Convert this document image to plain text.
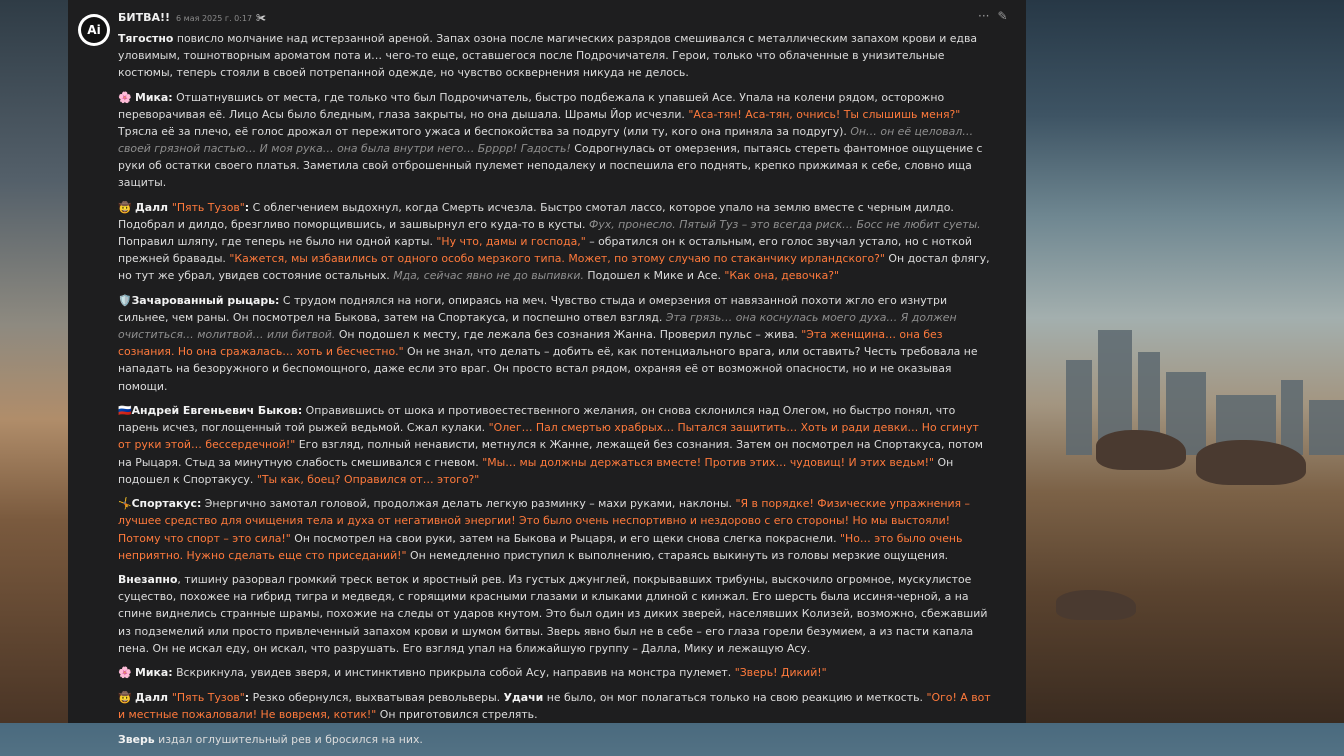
Ai
БИТВА!! 6 мая 2025 г. 0:17 ✀	··· ✎

Тягостно повисло молчание над истерзанной ареной. Запах озона после магических разрядов смешивался с металлическим запахом крови и едва уловимым, тошнотворным ароматом пота и… чего-то еще, оставшегося после Подрочичателя. Герои, только что облаченные в унизительные костюмы, теперь стояли в своей потрепанной одежде, но чувство осквернения никуда не делось.

🌸 Мика: Отшатнувшись от места, где только что был Подрочичатель, быстро подбежала к упавшей Асе. Упала на колени рядом, осторожно переворачивая её. Лицо Асы было бледным, глаза закрыты, но она дышала. Шрамы Йор исчезли. "Аса-тян! Аса-тян, очнись! Ты слышишь меня?" Трясла её за плечо, её голос дрожал от пережитого ужаса и беспокойства за подругу (или ту, кого она приняла за подругу). Он… он её целовал… своей грязной пастью… И моя рука… она была внутри него… Брррр! Гадость! Содрогнулась от омерзения, пытаясь стереть фантомное ощущение с руки об остатки своего платья. Заметила свой отброшенный пулемет неподалеку и поспешила его поднять, крепко прижимая к себе, словно ища защиты.

🤠 Далл "Пять Тузов": С облегчением выдохнул, когда Смерть исчезла. Быстро смотал лассо, которое упало на землю вместе с черным дилдо. Подобрал и дилдо, брезгливо поморщившись, и зашвырнул его куда-то в кусты. Фух, пронесло. Пятый Туз – это всегда риск… Босс не любит суеты. Поправил шляпу, где теперь не было ни одной карты. "Ну что, дамы и господа," – обратился он к остальным, его голос звучал устало, но с ноткой прежней бравады. "Кажется, мы избавились от одного особо мерзкого типа. Может, по этому случаю по стаканчику ирландского?" Он достал флягу, но тут же убрал, увидев состояние остальных. Мда, сейчас явно не до выпивки. Подошел к Мике и Асе. "Как она, девочка?"

🛡️Зачарованный рыцарь: С трудом поднялся на ноги, опираясь на меч. Чувство стыда и омерзения от навязанной похоти жгло его изнутри сильнее, чем раны. Он посмотрел на Быкова, затем на Спортакуса, и поспешно отвел взгляд. Эта грязь… она коснулась моего духа… Я должен очиститься… молитвой… или битвой. Он подошел к месту, где лежала без сознания Жанна. Проверил пульс – жива. "Эта женщина… она без сознания. Но она сражалась… хоть и бесчестно." Он не знал, что делать – добить её, как потенциального врага, или оставить? Честь требовала не нападать на безоружного и беспомощного, даже если это враг. Он просто встал рядом, охраняя её от возможной опасности, но и не оказывая помощи.

🇷🇺Андрей Евгеньевич Быков: Оправившись от шока и противоестественного желания, он снова склонился над Олегом, но быстро понял, что парень исчез, поглощенный той рыжей ведьмой. Сжал кулаки. "Олег… Пал смертью храбрых… Пытался защитить… Хоть и ради девки… Но сгинут от руки этой… бессердечной!" Его взгляд, полный ненависти, метнулся к Жанне, лежащей без сознания. Затем он посмотрел на Спортакуса, потом на Рыцаря. Стыд за минутную слабость смешивался с гневом. "Мы… мы должны держаться вместе! Против этих… чудовищ! И этих ведьм!" Он подошел к Спортакусу. "Ты как, боец? Оправился от… этого?"

🤸Спортакус: Энергично замотал головой, продолжая делать легкую разминку – махи руками, наклоны. "Я в порядке! Физические упражнения – лучшее средство для очищения тела и духа от негативной энергии! Это было очень неспортивно и нездорово с его стороны! Но мы выстояли! Потому что спорт – это сила!" Он посмотрел на свои руки, затем на Быкова и Рыцаря, и его щеки снова слегка покраснели. "Но… это было очень неприятно. Нужно сделать еще сто приседаний!" Он немедленно приступил к выполнению, стараясь выкинуть из головы мерзкие ощущения.

Внезапно, тишину разорвал громкий треск веток и яростный рев. Из густых джунглей, покрывавших трибуны, выскочило огромное, мускулистое существо, похожее на гибрид тигра и медведя, с горящими красными глазами и клыками длиной с кинжал. Его шерсть была иссиня-черной, а на спине виднелись странные шрамы, похожие на следы от ударов кнутом. Это был один из диких зверей, населявших Колизей, возможно, сбежавший из подземелий или просто привлеченный запахом крови и шумом битвы. Зверь явно был не в себе – его глаза горели безумием, а из пасти капала пена. Он не искал еду, он искал, что разрушать. Его взгляд упал на ближайшую группу – Далла, Мику и лежащую Асу.

🌸 Мика: Вскрикнула, увидев зверя, и инстинктивно прикрыла собой Асу, направив на монстра пулемет. "Зверь! Дикий!"

🤠 Далл "Пять Тузов": Резко обернулся, выхватывая револьверы. Удачи не было, он мог полагаться только на свою реакцию и меткость. "Ого! А вот и местные пожаловали! Не вовремя, котик!" Он приготовился стрелять.

Зверь издал оглушительный рев и бросился на них.
